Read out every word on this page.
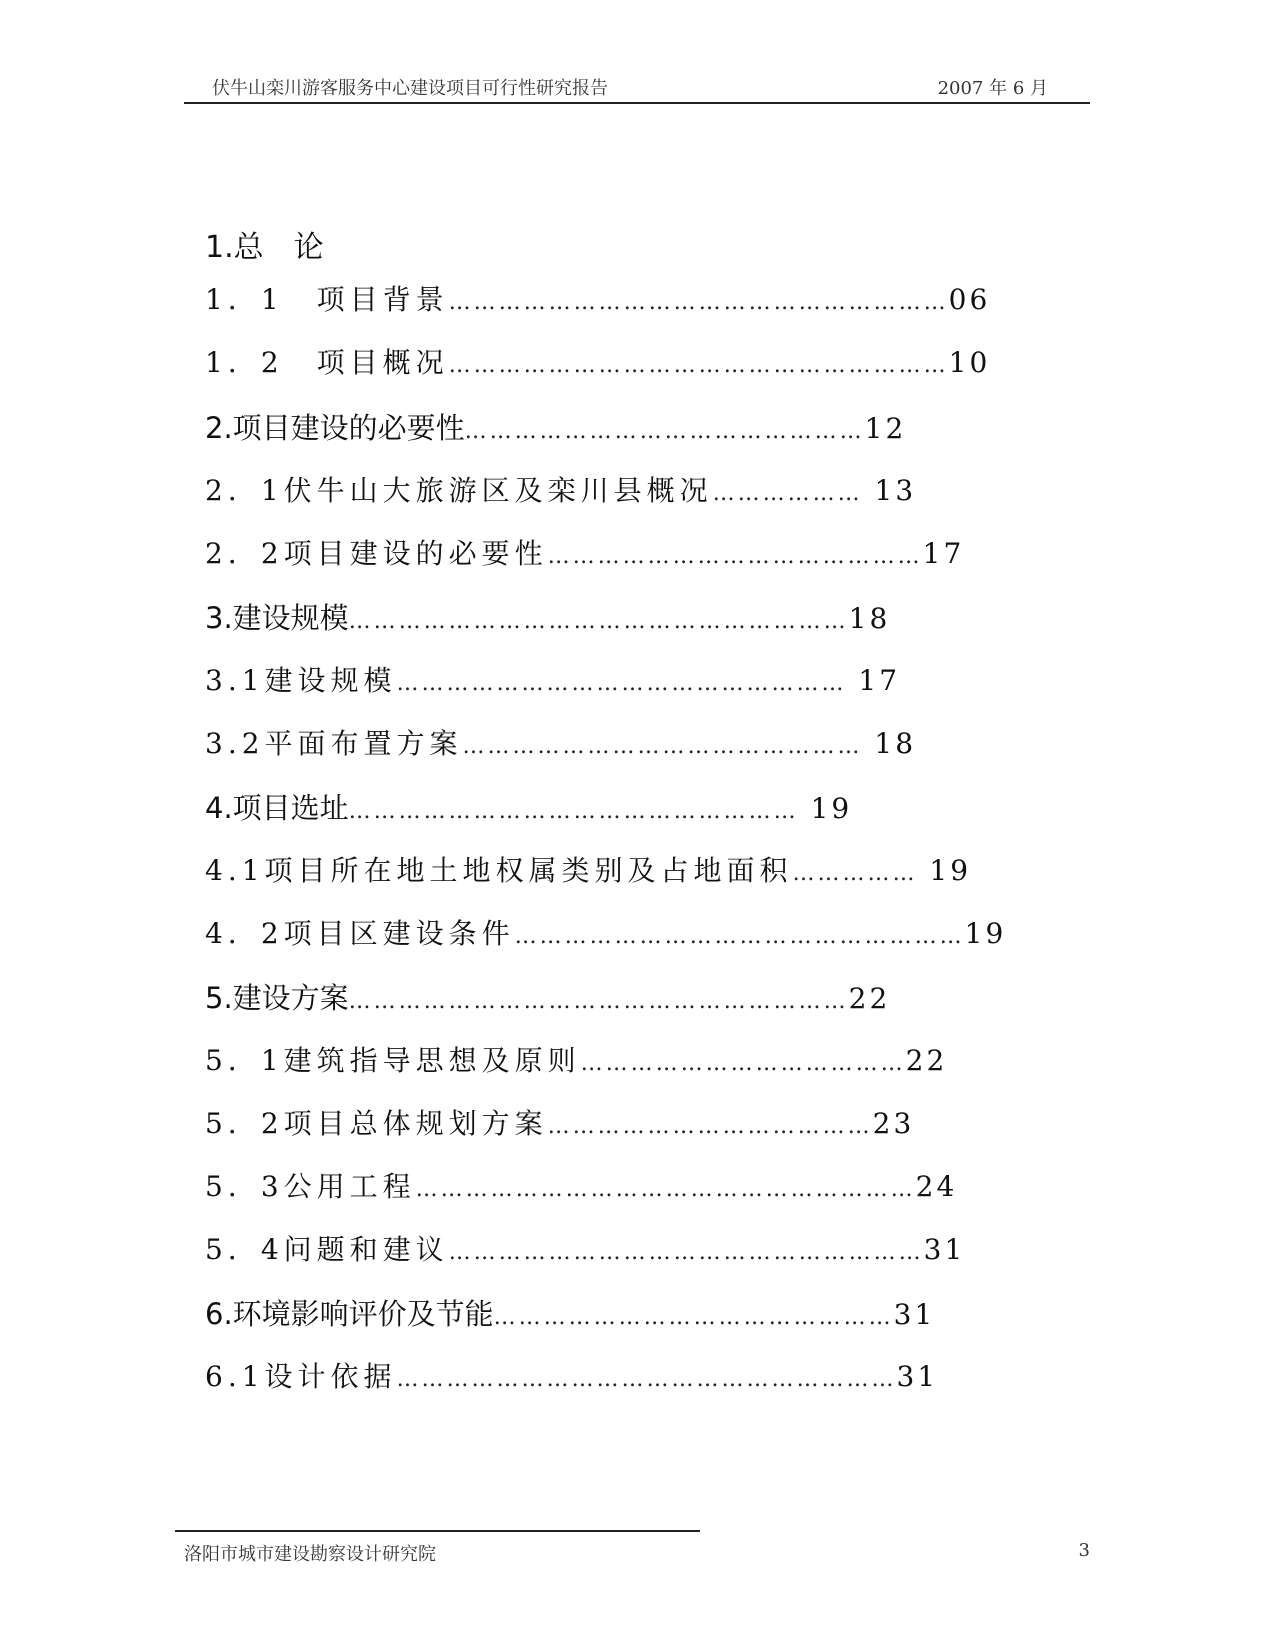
伏牛山栾川游客服务中心建设项目可行性研究报告	2007 年 6 月
1.总　论
1．1　项目背景 …………………………………………………… 06
1．2　项目概况 …………………………………………………… 10
2.项目建设的必要性 ………………………………………… 12
2．1伏牛山大旅游区及栾川县概况 ……………… 13
2．2项目建设的必要性 ……………………………………… 17
3.建设规模 …………………………………………………… 18
3.1建设规模 ……………………………………………… 17
3.2平面布置方案 ………………………………………… 18
4.项目选址 ……………………………………………… 19
4.1项目所在地土地权属类别及占地面积 …………… 19
4．2项目区建设条件 ……………………………………………… 19
5.建设方案 …………………………………………………… 22
5．1建筑指导思想及原则 ………………………………… 22
5．2项目总体规划方案 ………………………………… 23
5．3公用工程 …………………………………………………… 24
5．4问题和建议 ………………………………………………… 31
6.环境影响评价及节能 ………………………………………… 31
6.1设计依据 …………………………………………………… 31
洛阳市城市建设勘察设计研究院	3
